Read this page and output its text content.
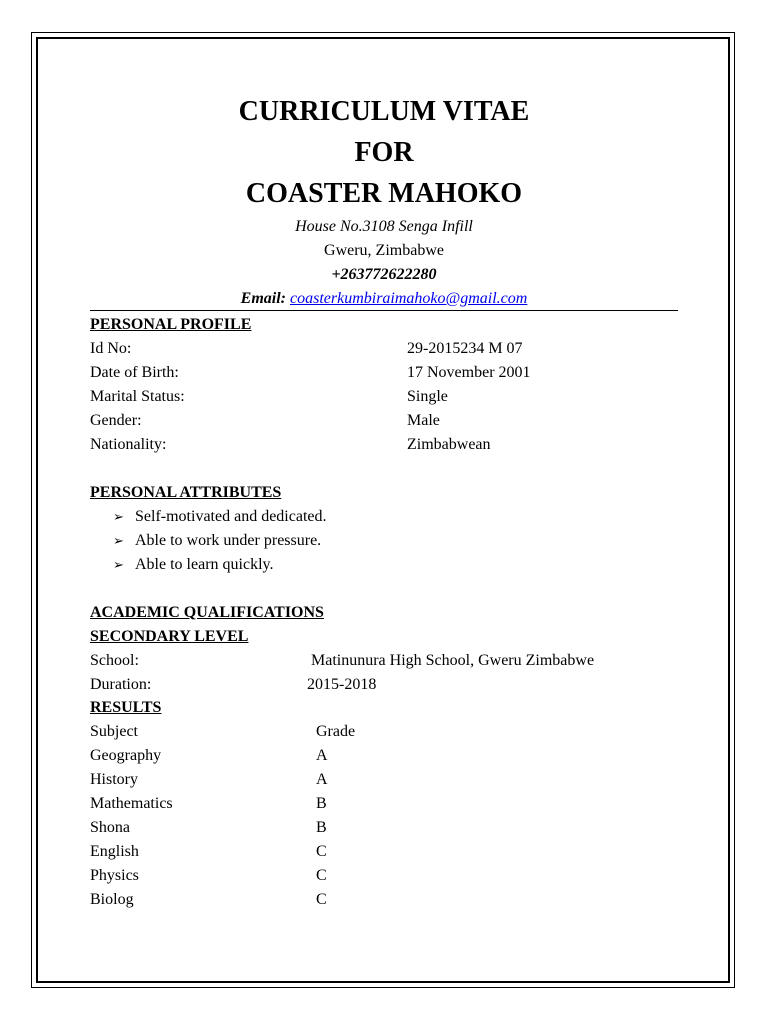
CURRICULUM VITAE
FOR
COASTER MAHOKO
House No.3108 Senga Infill
Gweru, Zimbabwe
+263772622280
Email: coasterkumbiraimahoko@gmail.com
PERSONAL PROFILE
Id No:	29-2015234 M 07
Date of Birth:	17 November 2001
Marital Status:	Single
Gender:	Male
Nationality:	Zimbabwean
PERSONAL ATTRIBUTES
➢ Self-motivated and dedicated.
➢ Able to work under pressure.
➢ Able to learn quickly.
ACADEMIC QUALIFICATIONS
SECONDARY LEVEL
School:	Matinunura High School, Gweru Zimbabwe
Duration:	2015-2018
RESULTS
Subject	Grade
Geography	A
History	A
Mathematics	B
Shona	B
English	C
Physics	C
Biolog	C
